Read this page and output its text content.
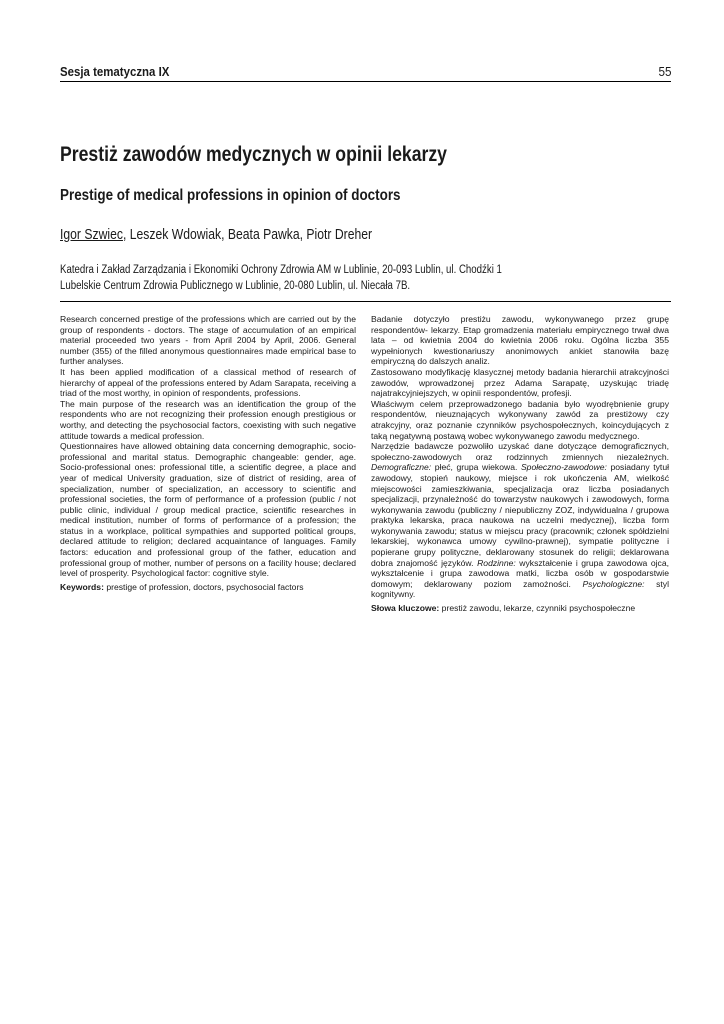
Sesja tematyczna IX	55
Prestiż zawodów medycznych w opinii lekarzy
Prestige of medical professions in opinion of doctors
Igor Szwiec, Leszek Wdowiak, Beata Pawka, Piotr Dreher
Katedra i Zakład Zarządzania i Ekonomiki Ochrony Zdrowia AM w Lublinie, 20-093 Lublin, ul. Chodźki 1
Lubelskie Centrum Zdrowia Publicznego w Lublinie, 20-080 Lublin, ul. Niecała 7B.

Research concerned prestige of the professions which are carried out by the group of respondents - doctors. The stage of accumulation of an empirical material proceeded two years - from April 2004 by April, 2006. General number (355) of the filled anonymous questionnaires made empirical base to further analyses.

It has been applied modification of a classical method of research of hierarchy of appeal of the professions entered by Adam Sarapata, receiving a triad of the most worthy, in opinion of respondents, professions.

The main purpose of the research was an identification the group of the respondents who are not recognizing their profession enough prestigious or worthy, and detecting the psychosocial factors, coexisting with such negative attitude towards a medical profession.

Questionnaires have allowed obtaining data concerning demographic, socio-professional and marital status. Demographic changeable: gender, age. Socio-professional ones: professional title, a scientific degree, a place and year of medical University graduation, size of district of residing, area of specialization, number of specialization, an accessory to scientific and professional societies, the form of performance of a profession (public / not public clinic, individual / group medical practice, scientific researches in medical institution, number of forms of performance of a profession; the status in a workplace, political sympathies and supported political groups, declared attitude to religion; declared acquaintance of languages. Family factors: education and professional group of the father, education and professional group of mother, number of persons on a facility house; declared level of prosperity. Psychological factor: cognitive style.

Keywords: prestige of profession, doctors, psychosocial factors

Badanie dotyczyło prestiżu zawodu, wykonywanego przez grupę respondentów- lekarzy. Etap gromadzenia materiału empirycznego trwał dwa lata – od kwietnia 2004 do kwietnia 2006 roku. Ogólna liczba 355 wypełnionych kwestionariuszy anonimowych ankiet stanowiła bazę empiryczną do dalszych analiz.

Zastosowano modyfikację klasycznej metody badania hierarchii atrakcyjności zawodów, wprowadzonej przez Adama Sarapatę, uzyskując triadę najatrakcyjniejszych, w opinii respondentów, profesji.

Właściwym celem przeprowadzonego badania było wyodrębnienie grupy respondentów, nieuznających wykonywany zawód za prestiżowy czy atrakcyjny, oraz poznanie czynników psychospołecznych, koincydujących z taką negatywną postawą wobec wykonywanego zawodu medycznego.

Narzędzie badawcze pozwoliło uzyskać dane dotyczące demograficznych, społeczno-zawodowych oraz rodzinnych zmiennych niezależnych. Demograficzne: płeć, grupa wiekowa. Społeczno-zawodowe: posiadany tytuł zawodowy, stopień naukowy, miejsce i rok ukończenia AM, wielkość miejscowości zamieszkiwania, specjalizacja oraz liczba posiadanych specjalizacji, przynależność do towarzystw naukowych i zawodowych, forma wykonywania zawodu (publiczny / niepubliczny ZOZ, indywidualna / grupowa praktyka lekarska, praca naukowa na uczelni medycznej), liczba form wykonywania zawodu; status w miejscu pracy (pracownik; członek spółdzielni lekarskiej, wykonawca umowy cywilno-prawnej), sympatie polityczne i popierane grupy polityczne, deklarowany stosunek do religii; deklarowana dobra znajomość języków. Rodzinne: wykształcenie i grupa zawodowa ojca, wykształcenie i grupa zawodowa matki, liczba osób w gospodarstwie domowym; deklarowany poziom zamożności. Psychologiczne: styl kognitywny.

Słowa kluczowe: prestiż zawodu, lekarze, czynniki psychospołeczne
